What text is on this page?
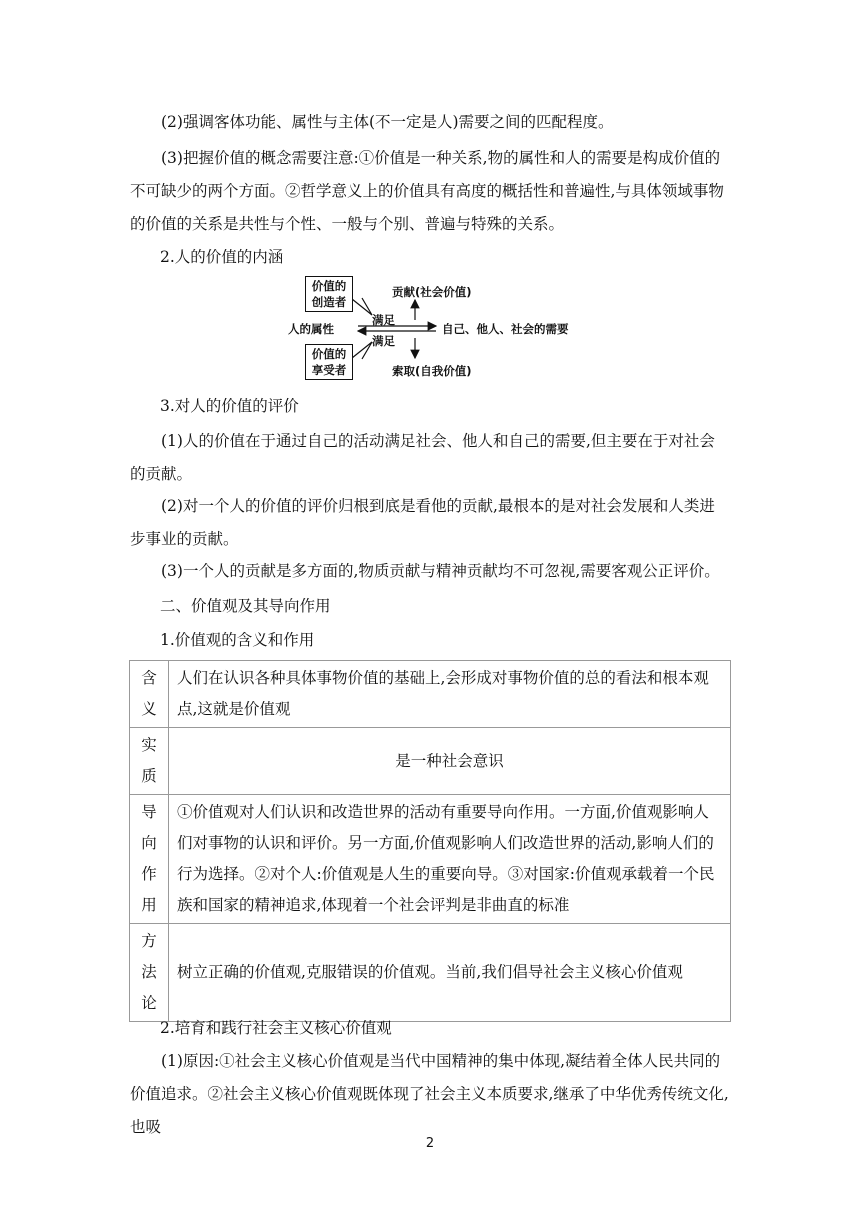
(2)强调客体功能、属性与主体(不一定是人)需要之间的匹配程度。

(3)把握价值的概念需要注意:①价值是一种关系,物的属性和人的需要是构成价值的不可缺少的两个方面。②哲学意义上的价值具有高度的概括性和普遍性,与具体领域事物的价值的关系是共性与个性、一般与个别、普遍与特殊的关系。

2.人的价值的内涵

价值的创造者
价值的享受者
人的属性
满足
满足
自己、他人、社会的需要
贡献(社会价值)
索取(自我价值)

3.对人的价值的评价

(1)人的价值在于通过自己的活动满足社会、他人和自己的需要,但主要在于对社会的贡献。

(2)对一个人的价值的评价归根到底是看他的贡献,最根本的是对社会发展和人类进步事业的贡献。

(3)一个人的贡献是多方面的,物质贡献与精神贡献均不可忽视,需要客观公正评价。

二、价值观及其导向作用

1.价值观的含义和作用

含义	人们在认识各种具体事物价值的基础上,会形成对事物价值的总的看法和根本观点,这就是价值观
实质	是一种社会意识
导向作用	①价值观对人们认识和改造世界的活动有重要导向作用。一方面,价值观影响人们对事物的认识和评价。另一方面,价值观影响人们改造世界的活动,影响人们的行为选择。②对个人:价值观是人生的重要向导。③对国家:价值观承载着一个民族和国家的精神追求,体现着一个社会评判是非曲直的标准
方法论	树立正确的价值观,克服错误的价值观。当前,我们倡导社会主义核心价值观

2.培育和践行社会主义核心价值观

(1)原因:①社会主义核心价值观是当代中国精神的集中体现,凝结着全体人民共同的价值追求。②社会主义核心价值观既体现了社会主义本质要求,继承了中华优秀传统文化,也吸

2
